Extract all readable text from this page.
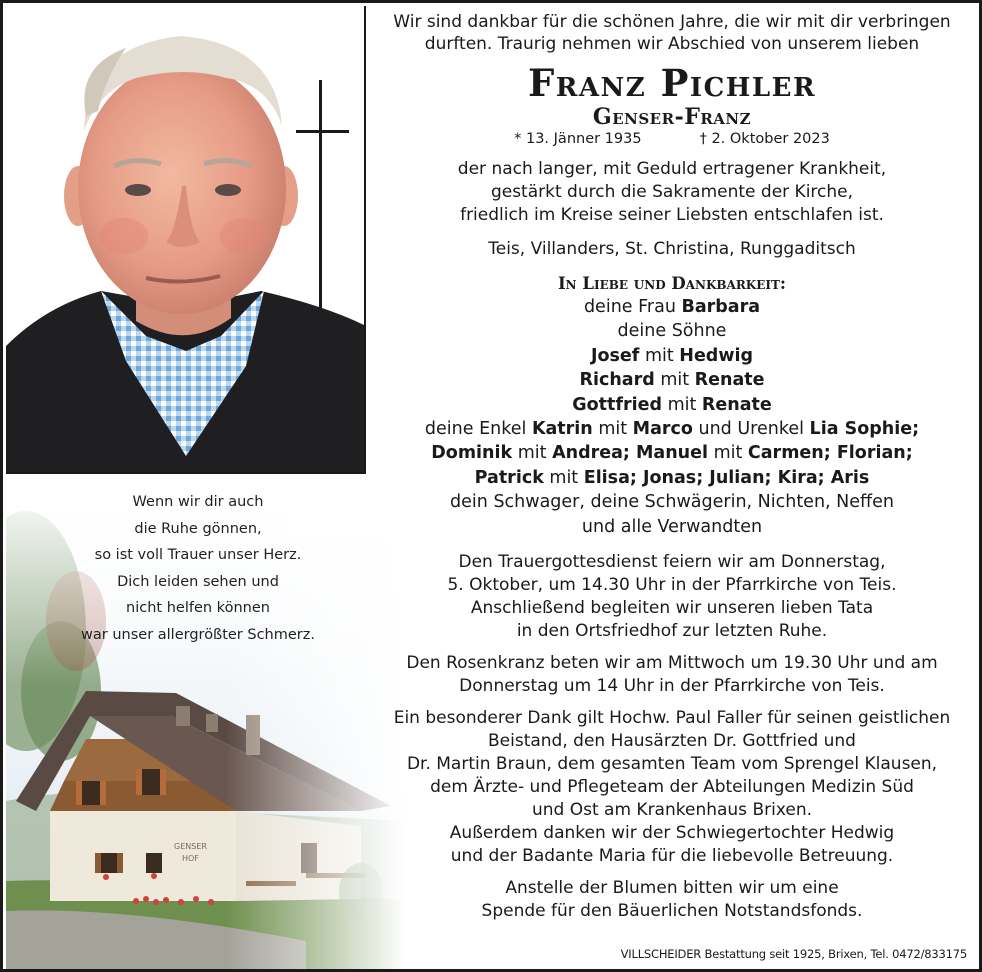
Wenn wir dir auch
die Ruhe gönnen,
so ist voll Trauer unser Herz.
Dich leiden sehen und
nicht helfen können
war unser allergrößter Schmerz.
Wir sind dankbar für die schönen Jahre, die wir mit dir verbringen
durften. Traurig nehmen wir Abschied von unserem lieben
Franz Pichler
Genser-Franz
* 13. Jänner 1935	† 2. Oktober 2023
der nach langer, mit Geduld ertragener Krankheit,
gestärkt durch die Sakramente der Kirche,
friedlich im Kreise seiner Liebsten entschlafen ist.
Teis, Villanders, St. Christina, Runggaditsch
In Liebe und Dankbarkeit:
deine Frau Barbara
deine Söhne
Josef mit Hedwig
Richard mit Renate
Gottfried mit Renate
deine Enkel Katrin mit Marco und Urenkel Lia Sophie;
Dominik mit Andrea; Manuel mit Carmen; Florian;
Patrick mit Elisa; Jonas; Julian; Kira; Aris
dein Schwager, deine Schwägerin, Nichten, Neffen
und alle Verwandten
Den Trauergottesdienst feiern wir am Donnerstag,
5. Oktober, um 14.30 Uhr in der Pfarrkirche von Teis.
Anschließend begleiten wir unseren lieben Tata
in den Ortsfriedhof zur letzten Ruhe.
Den Rosenkranz beten wir am Mittwoch um 19.30 Uhr und am
Donnerstag um 14 Uhr in der Pfarrkirche von Teis.
Ein besonderer Dank gilt Hochw. Paul Faller für seinen geistlichen
Beistand, den Hausärzten Dr. Gottfried und
Dr. Martin Braun, dem gesamten Team vom Sprengel Klausen,
dem Ärzte- und Pflegeteam der Abteilungen Medizin Süd
und Ost am Krankenhaus Brixen.
Außerdem danken wir der Schwiegertochter Hedwig
und der Badante Maria für die liebevolle Betreuung.
Anstelle der Blumen bitten wir um eine
Spende für den Bäuerlichen Notstandsfonds.
VILLSCHEIDER Bestattung seit 1925, Brixen, Tel. 0472/833175
